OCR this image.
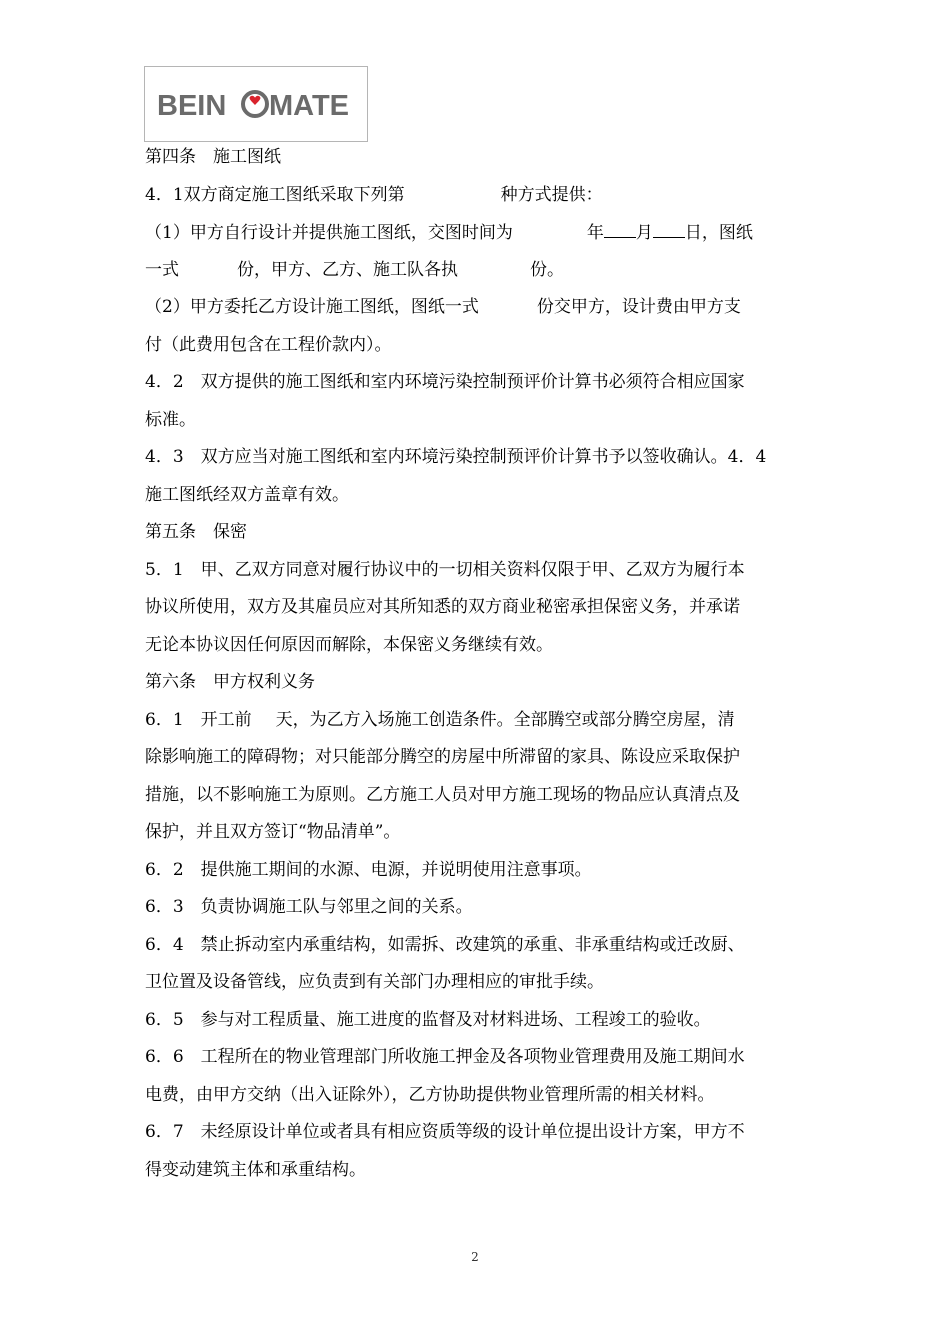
BEIN MATE
第四条　施工图纸
4．1双方商定施工图纸采取下列第	种方式提供：
（1）甲方自行设计并提供施工图纸，交图时间为	年 月 日，图纸
一式	份，甲方、乙方、施工队各执	份。
（2）甲方委托乙方设计施工图纸，图纸一式	份交甲方，设计费由甲方支
付（此费用包含在工程价款内）。
4．2　双方提供的施工图纸和室内环境污染控制预评价计算书必须符合相应国家
标准。
4．3　双方应当对施工图纸和室内环境污染控制预评价计算书予以签收确认。4．4
施工图纸经双方盖章有效。
第五条　保密
5．1　甲、乙双方同意对履行协议中的一切相关资料仅限于甲、乙双方为履行本
协议所使用，双方及其雇员应对其所知悉的双方商业秘密承担保密义务，并承诺
无论本协议因任何原因而解除，本保密义务继续有效。
第六条　甲方权利义务
6．1　开工前 天，为乙方入场施工创造条件。全部腾空或部分腾空房屋，清
除影响施工的障碍物；对只能部分腾空的房屋中所滞留的家具、陈设应采取保护
措施，以不影响施工为原则。乙方施工人员对甲方施工现场的物品应认真清点及
保护，并且双方签订“物品清单”。
6．2　提供施工期间的水源、电源，并说明使用注意事项。
6．3　负责协调施工队与邻里之间的关系。
6．4　禁止拆动室内承重结构，如需拆、改建筑的承重、非承重结构或迁改厨、
卫位置及设备管线，应负责到有关部门办理相应的审批手续。
6．5　参与对工程质量、施工进度的监督及对材料进场、工程竣工的验收。
6．6　工程所在的物业管理部门所收施工押金及各项物业管理费用及施工期间水
电费，由甲方交纳（出入证除外），乙方协助提供物业管理所需的相关材料。
6．7　未经原设计单位或者具有相应资质等级的设计单位提出设计方案，甲方不
得变动建筑主体和承重结构。
2
